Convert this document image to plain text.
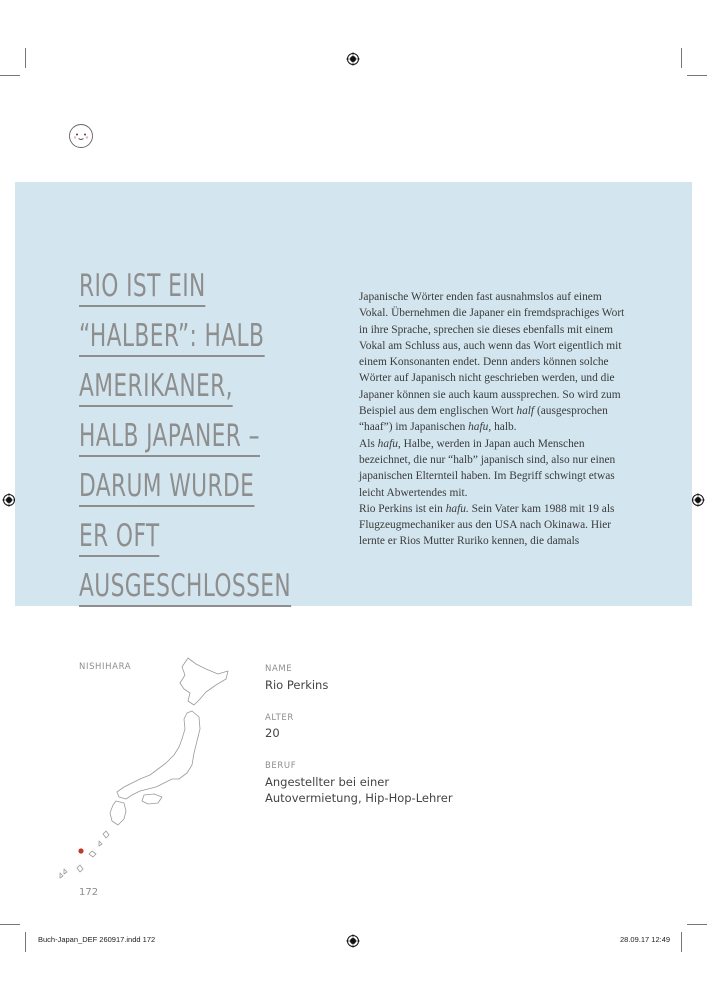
RIO IST EIN
“HALBER”: HALB
AMERIKANER,
HALB JAPANER –
DARUM WURDE
ER OFT
AUSGESCHLOSSEN

Japanische Wörter enden fast ausnahmslos auf einem Vokal. Übernehmen die Japaner ein fremdsprachiges Wort in ihre Sprache, sprechen sie dieses ebenfalls mit einem Vokal am Schluss aus, auch wenn das Wort eigentlich mit einem Konsonanten endet. Denn anders können solche Wörter auf Japanisch nicht geschrieben werden, und die Japaner können sie auch kaum aussprechen. So wird zum Beispiel aus dem englischen Wort half (ausgesprochen “haaf”) im Japanischen hafu, halb.

Als hafu, Halbe, werden in Japan auch Menschen bezeichnet, die nur “halb” japanisch sind, also nur einen japanischen Elternteil haben. Im Begriff schwingt etwas leicht Abwertendes mit.

Rio Perkins ist ein hafu. Sein Vater kam 1988 mit 19 als Flugzeugmechaniker aus den USA nach Okinawa. Hier lernte er Rios Mutter Ruriko kennen, die damals

NISHIHARA	NAME
Rio Perkins
ALTER
20
BERUF
Angestellter bei einer
Autovermietung, Hip-Hop-Lehrer
172
Buch-Japan_DEF 260917.indd 172	28.09.17 12:49
